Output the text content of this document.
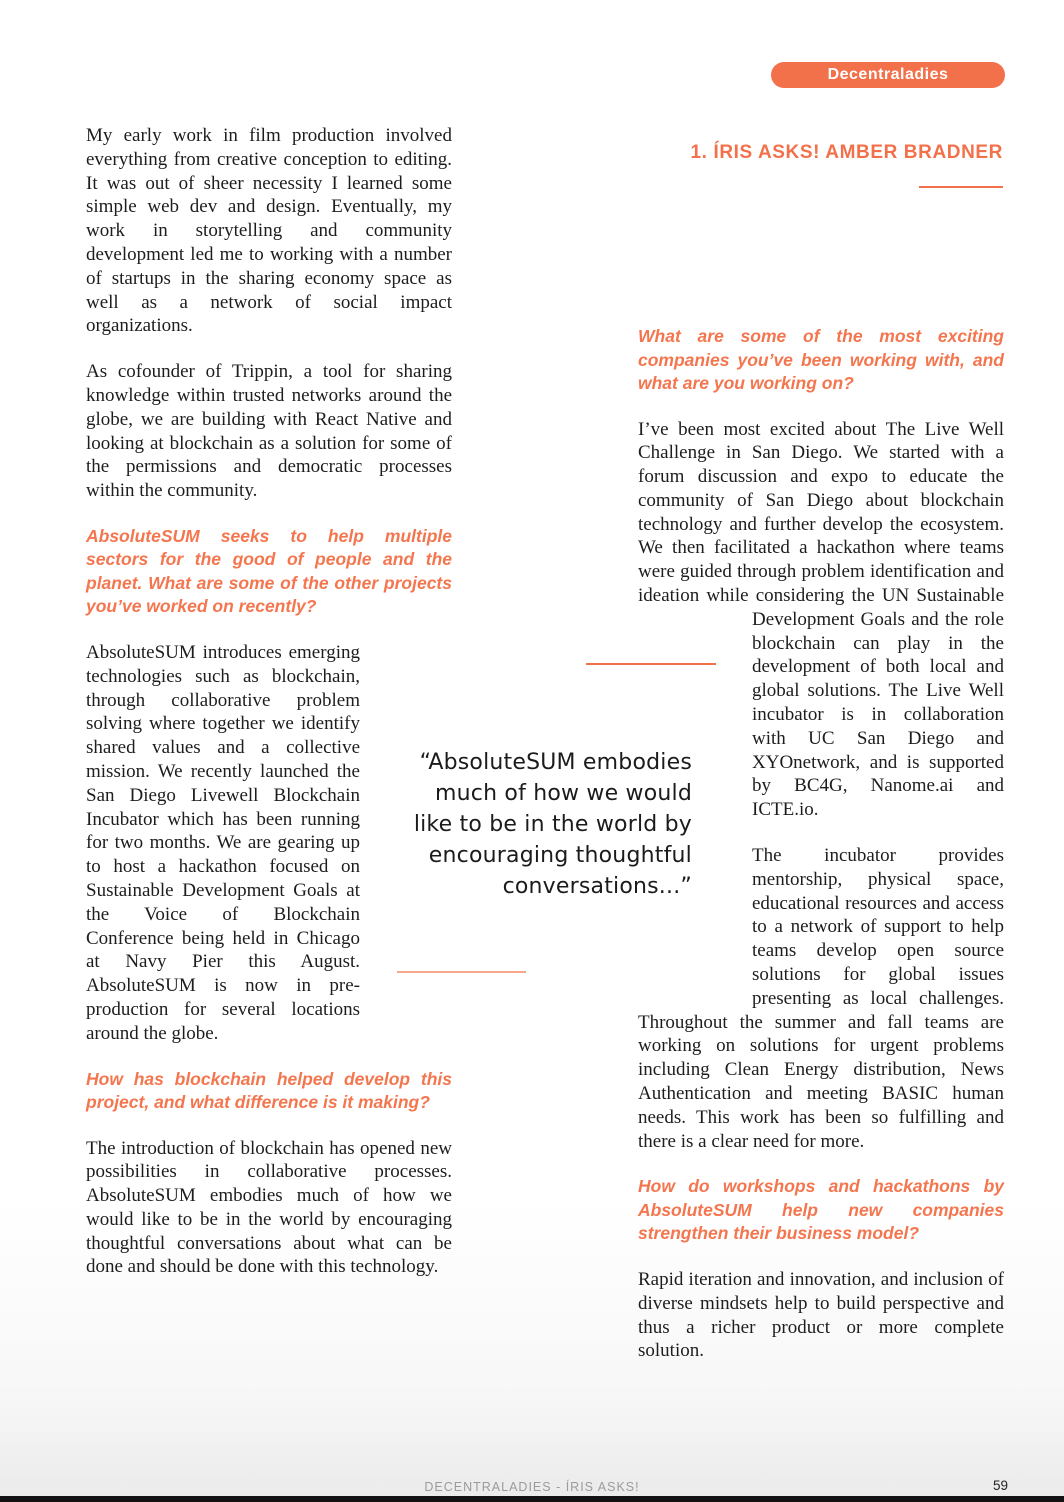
Decentraladies
1. ÍRIS ASKS! AMBER BRADNER

My early work in film production involved everything from creative conception to editing. It was out of sheer necessity I learned some simple web dev and design. Eventually, my work in storytelling and community development led me to working with a number of startups in the sharing economy space as well as a network of social impact organizations.

As cofounder of Trippin, a tool for sharing knowledge within trusted networks around the globe, we are building with React Native and looking at blockchain as a solution for some of the permissions and democratic processes within the community.

AbsoluteSUM seeks to help multiple sectors for the good of people and the planet. What are some of the other projects you’ve worked on recently?

AbsoluteSUM introduces emerging technologies such as blockchain, through collaborative problem solving where together we identify shared values and a collective mission. We recently launched the San Diego Livewell Blockchain Incubator which has been running for two months. We are gearing up to host a hackathon focused on Sustainable Development Goals at the Voice of Blockchain Conference being held in Chicago at Navy Pier this August. AbsoluteSUM is now in pre-production for several locations around the globe.

How has blockchain helped develop this project, and what difference is it making?

The introduction of blockchain has opened new possibilities in collaborative processes. AbsoluteSUM embodies much of how we would like to be in the world by encouraging thoughtful conversations about what can be done and should be done with this technology.

What are some of the most exciting companies you’ve been working with, and what are you working on?

I’ve been most excited about The Live Well Challenge in San Diego. We started with a forum discussion and expo to educate the community of San Diego about blockchain technology and further develop the ecosystem. We then facilitated a hackathon where teams were guided through problem identification and ideation while considering the UN Sustainable Development Goals and
the role blockchain can play in the development of both local and global solutions. The Live Well incubator is in collaboration with UC San Diego and XYOnetwork, and is supported by BC4G, Nanome.ai and ICTE.io.

The incubator provides mentorship, physical space, educational resources and access to a network of support to help teams develop open source solutions for global issues presenting as local challenges. Throughout the summer and fall teams are working on solutions for urgent problems including Clean Energy distribution, News Authentication and meeting BASIC human needs. This work has been so fulfilling and there is a clear need for more.

How do workshops and hackathons by AbsoluteSUM help new companies strengthen their business model?

Rapid iteration and innovation, and inclusion of diverse mindsets help to build perspective and thus a richer product or more complete solution.

“AbsoluteSUM embodies much of how we would like to be in the world by encouraging thoughtful conversations...”
DECENTRALADIES - ÍRIS ASKS!	59
